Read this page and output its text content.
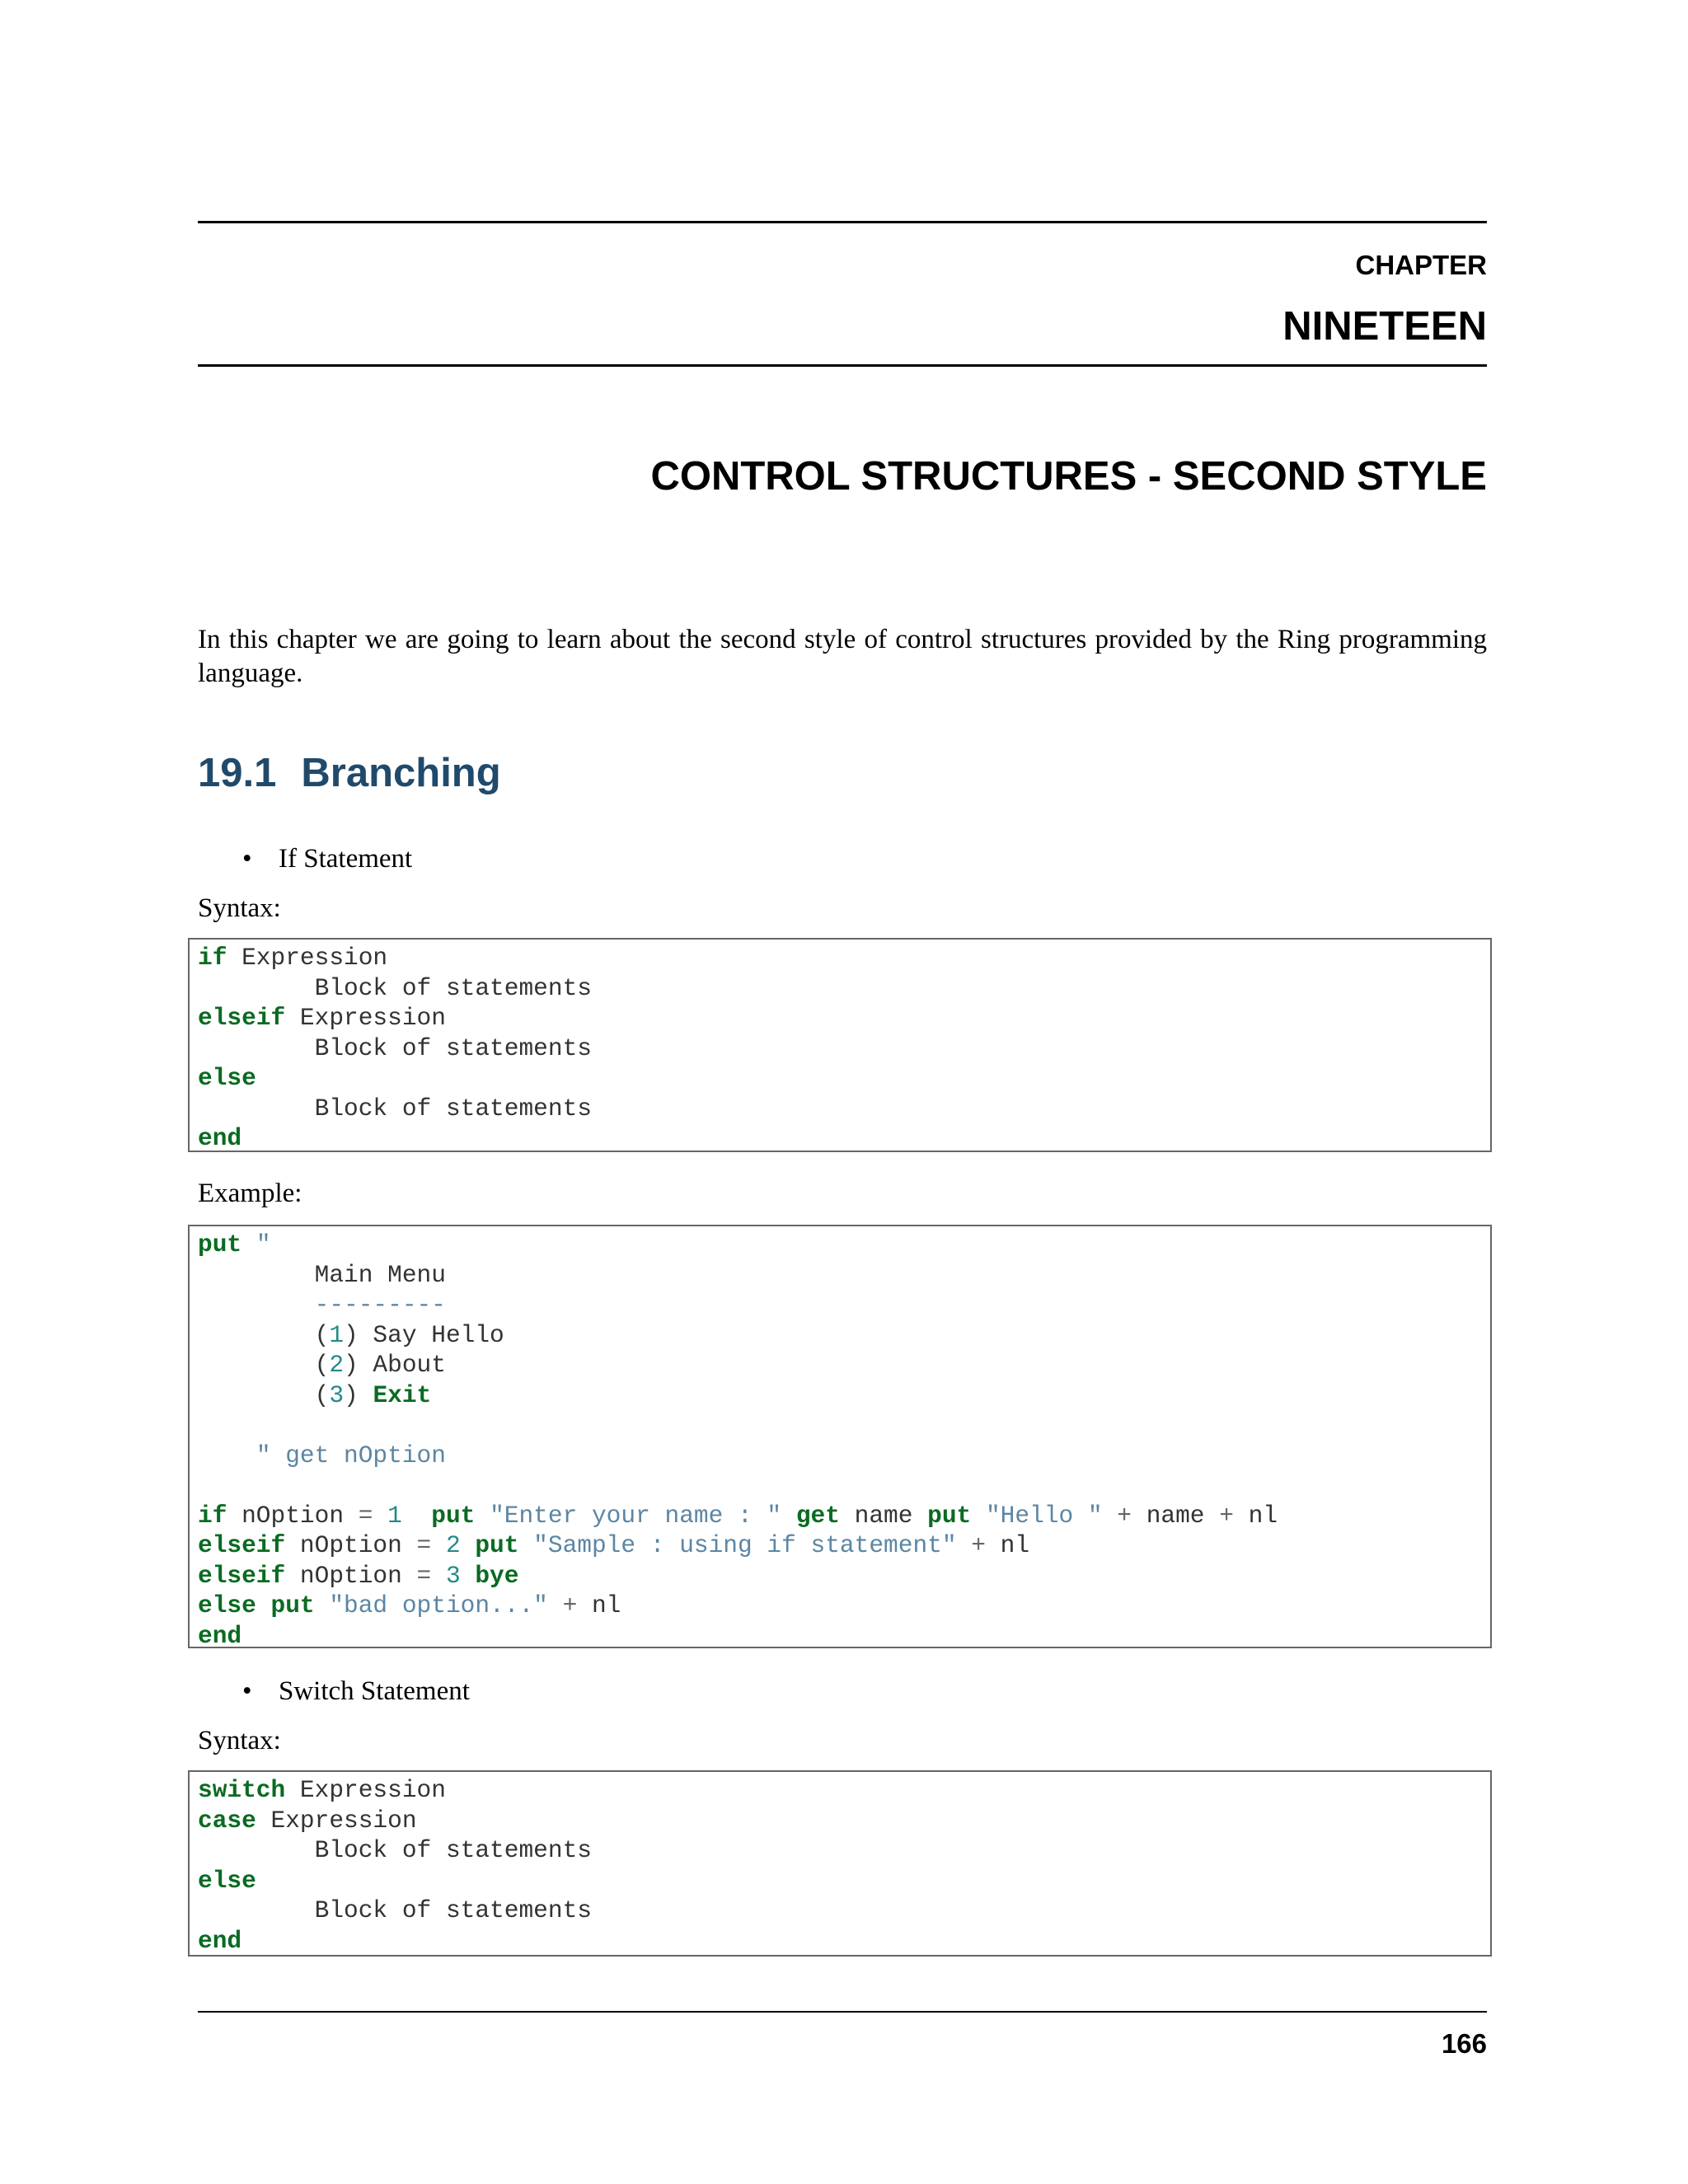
CHAPTER
NINETEEN
CONTROL STRUCTURES - SECOND STYLE

In this chapter we are going to learn about the second style of control structures provided by the Ring programming language.

19.1 Branching
• If Statement
Syntax:
if Expression
Block of statements
elseif Expression
Block of statements
else
Block of statements
end
Example:
put "
Main Menu
---------
(1) Say Hello
(2) About
(3) Exit

" get nOption

if nOption = 1 put "Enter your name : " get name put "Hello " + name + nl
elseif nOption = 2 put "Sample : using if statement" + nl
elseif nOption = 3 bye
else put "bad option..." + nl
end
• Switch Statement
Syntax:
switch Expression
case Expression
Block of statements
else
Block of statements
end
166
